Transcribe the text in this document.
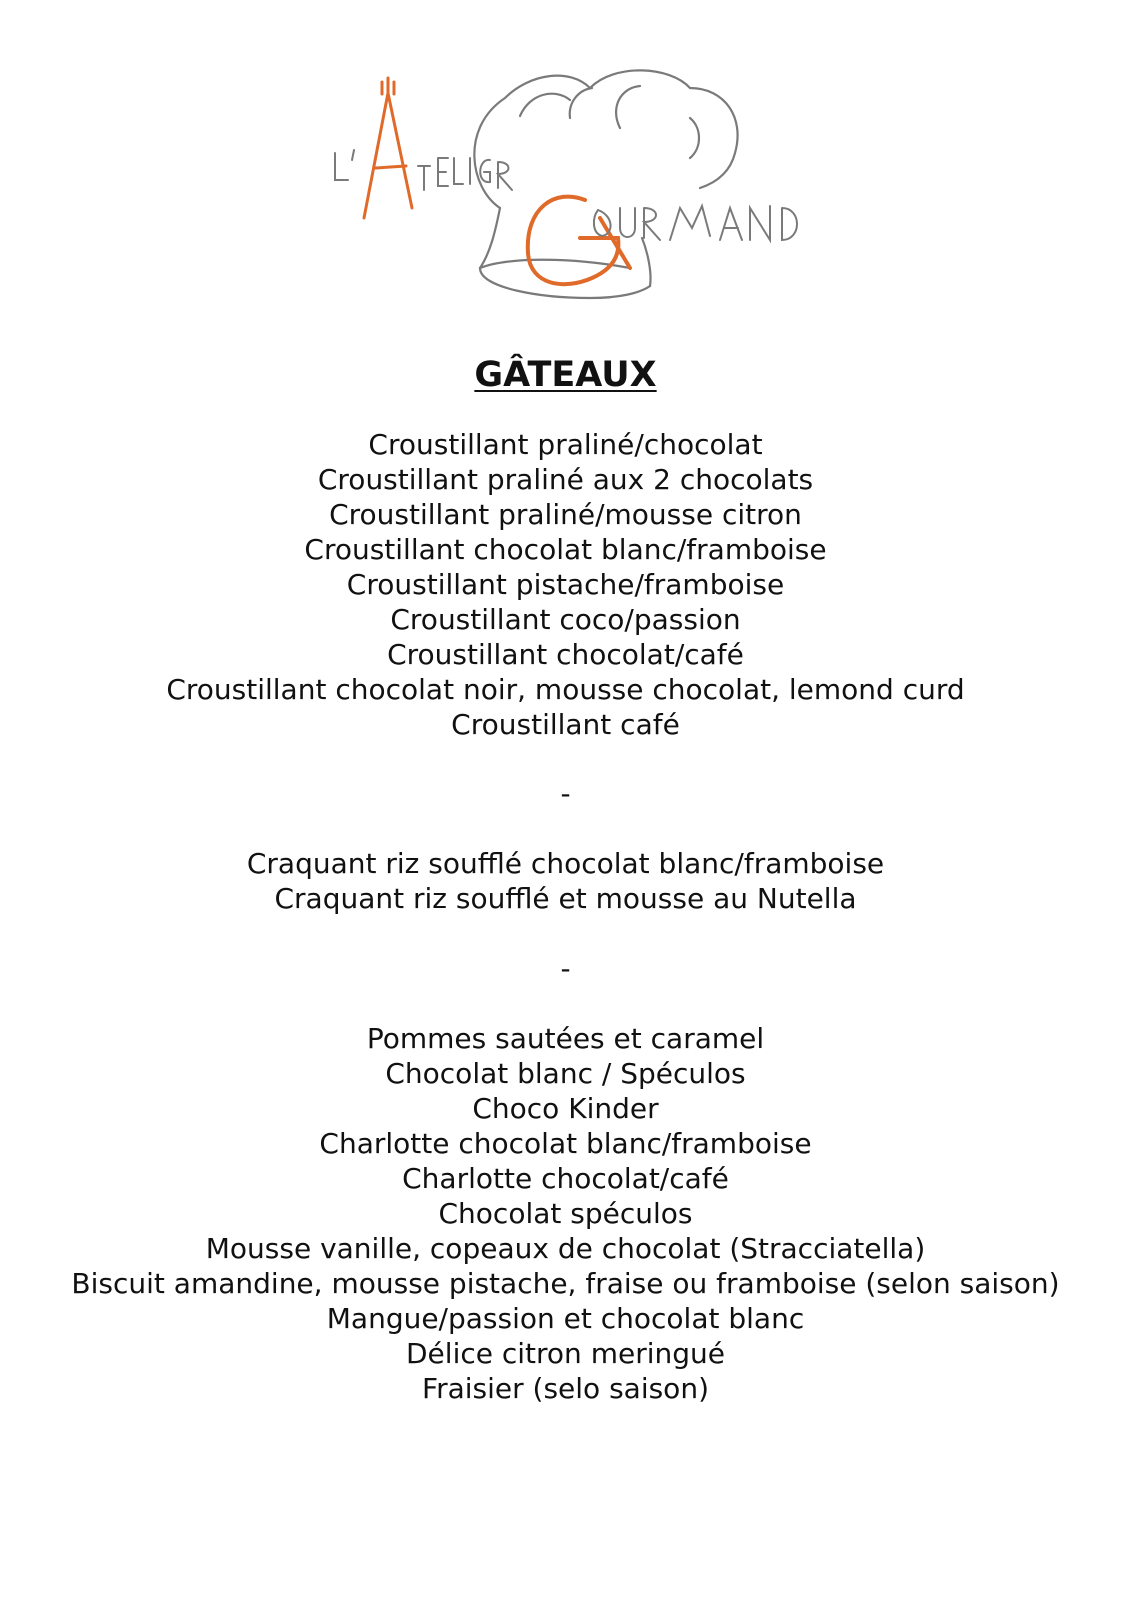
GÂTEAUX
Croustillant praliné/chocolat
Croustillant praliné aux 2 chocolats
Croustillant praliné/mousse citron
Croustillant chocolat blanc/framboise
Croustillant pistache/framboise
Croustillant coco/passion
Croustillant chocolat/café
Croustillant chocolat noir, mousse chocolat, lemond curd
Croustillant café
-
Craquant riz soufflé chocolat blanc/framboise
Craquant riz soufflé et mousse au Nutella
-
Pommes sautées et caramel
Chocolat blanc / Spéculos
Choco Kinder
Charlotte chocolat blanc/framboise
Charlotte chocolat/café
Chocolat spéculos
Mousse vanille, copeaux de chocolat (Stracciatella)
Biscuit amandine, mousse pistache, fraise ou framboise (selon saison)
Mangue/passion et chocolat blanc
Délice citron meringué
Fraisier (selo saison)
